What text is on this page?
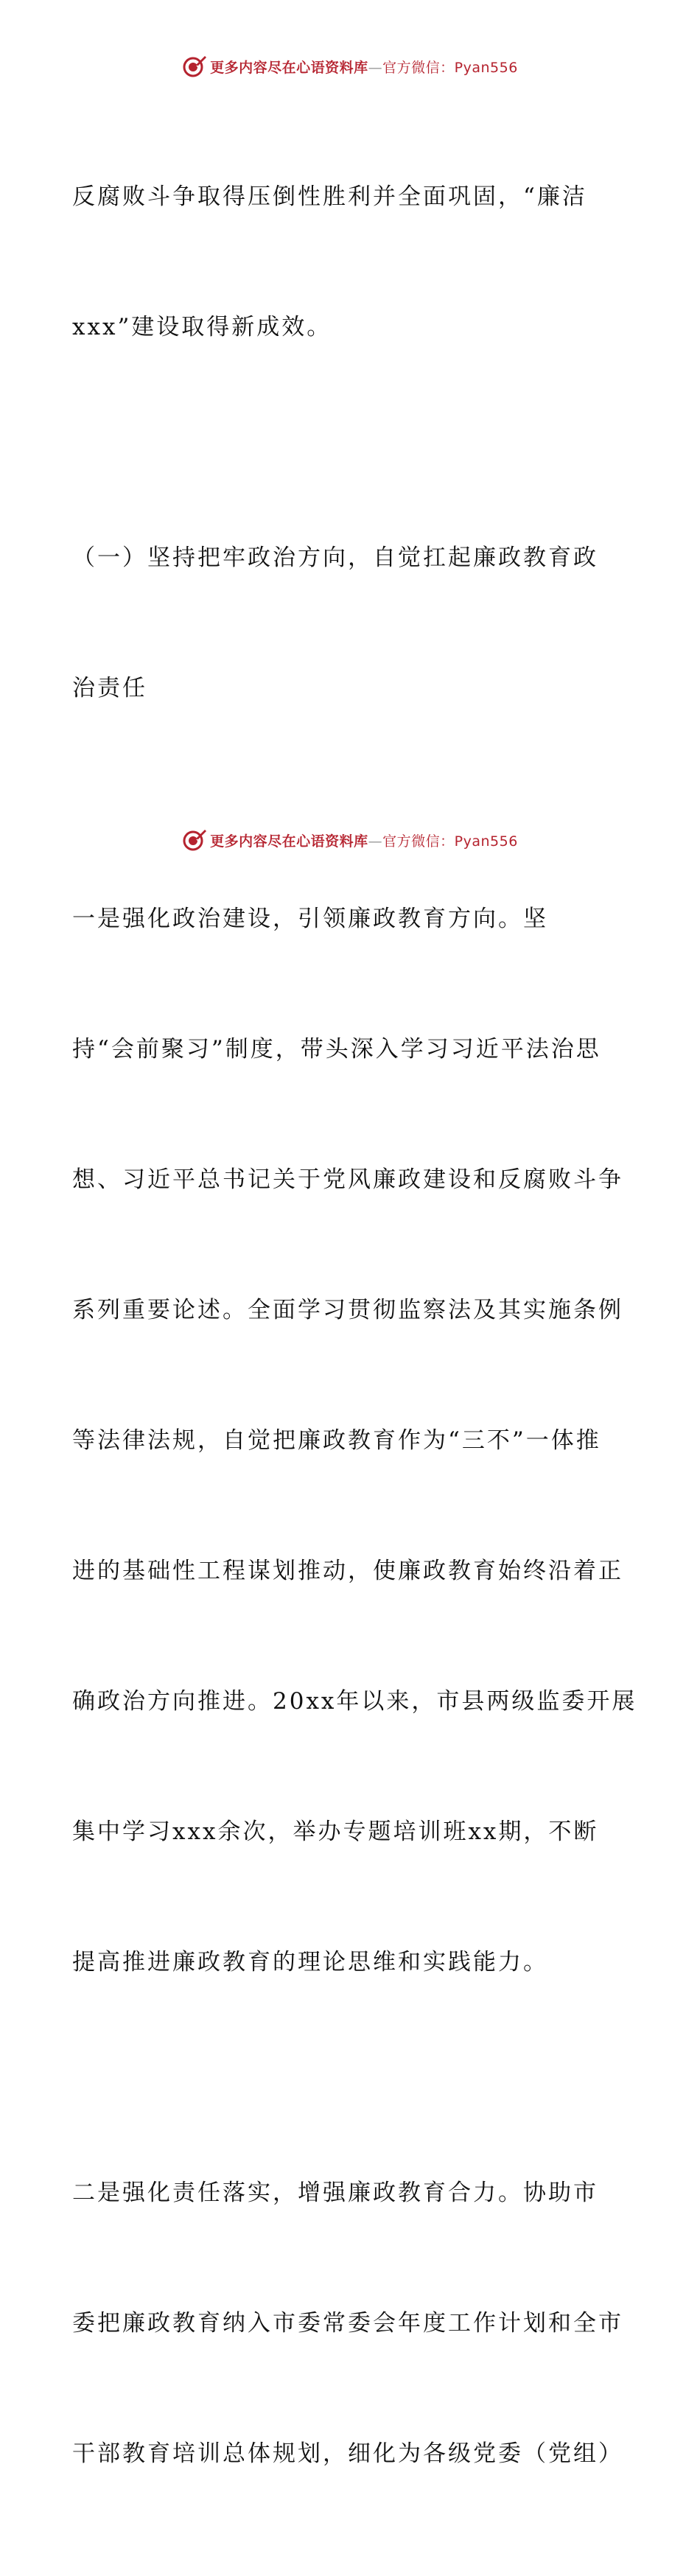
更多内容尽在心语资料库—官方微信：Pyan556

反腐败斗争取得压倒性胜利并全面巩固，“廉洁

xxx”建设取得新成效。

（一）坚持把牢政治方向，自觉扛起廉政教育政

治责任

一是强化政治建设，引领廉政教育方向。坚

持“会前聚习”制度，带头深入学习习近平法治思

想、习近平总书记关于党风廉政建设和反腐败斗争

系列重要论述。全面学习贯彻监察法及其实施条例

等法律法规，自觉把廉政教育作为“三不”一体推

进的基础性工程谋划推动，使廉政教育始终沿着正

确政治方向推进。20xx年以来，市县两级监委开展

集中学习xxx余次，举办专题培训班xx期，不断

提高推进廉政教育的理论思维和实践能力。

二是强化责任落实，增强廉政教育合力。协助市

委把廉政教育纳入市委常委会年度工作计划和全市

干部教育培训总体规划，细化为各级党委（党组）

更多内容尽在心语资料库—官方微信：Pyan556
